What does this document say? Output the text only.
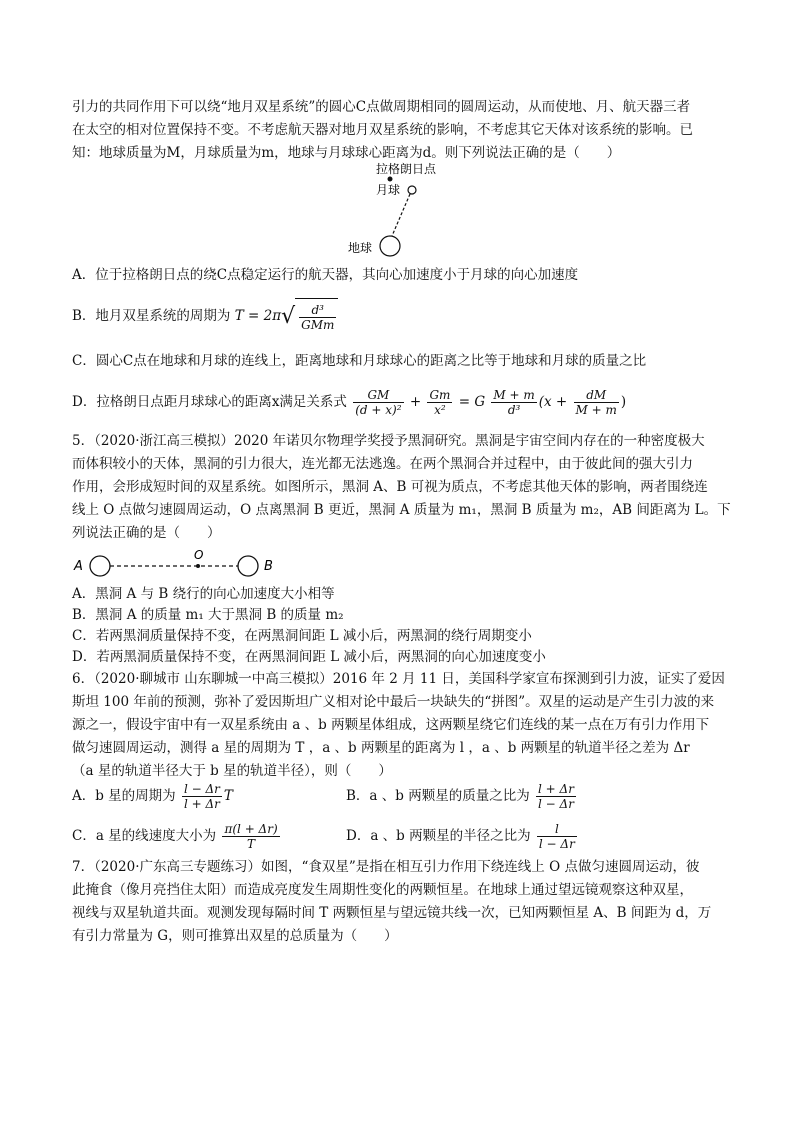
引力的共同作用下可以绕“地月双星系统”的圆心C点做周期相同的圆周运动，从而使地、月、航天器三者
在太空的相对位置保持不变。不考虑航天器对地月双星系统的影响，不考虑其它天体对该系统的影响。已
知：地球质量为M，月球质量为m，地球与月球球心距离为d。则下列说法正确的是（　　）
拉格朗日点
月球
地球
A．位于拉格朗日点的绕C点稳定运行的航天器，其向心加速度小于月球的向心加速度
B．地月双星系统的周期为 T = 2π √ $\frac{\text{d³}}{\text{GMm}}$
C．圆心C点在地球和月球的连线上，距离地球和月球球心的距离之比等于地球和月球的质量之比
D．拉格朗日点距月球球心的距离x满足关系式 $\frac{GM}{\text{(d + x)²}} + \frac{Gm}{\text{x²}} = G \frac{M + m}{\text{d³}} (x + \frac{dM}{M + m}$ )
5．（2020·浙江高三模拟）2020 年诺贝尔物理学奖授予黑洞研究。黑洞是宇宙空间内存在的一种密度极大
而体积较小的天体，黑洞的引力很大，连光都无法逃逸。在两个黑洞合并过程中，由于彼此间的强大引力
作用，会形成短时间的双星系统。如图所示，黑洞 A、B 可视为质点，不考虑其他天体的影响，两者围绕连
线上 O 点做匀速圆周运动，O 点离黑洞 B 更近，黑洞 A 质量为 m₁，黑洞 B 质量为 m₂，AB 间距离为 L。下
列说法正确的是（　　）
A
O
B
A．黑洞 A 与 B 绕行的向心加速度大小相等
B．黑洞 A 的质量 m₁ 大于黑洞 B 的质量 m₂
C．若两黑洞质量保持不变，在两黑洞间距 L 减小后，两黑洞的绕行周期变小
D．若两黑洞质量保持不变，在两黑洞间距 L 减小后，两黑洞的向心加速度变小
6．（2020·聊城市 山东聊城一中高三模拟）2016 年 2 月 11 日，美国科学家宣布探测到引力波，证实了爱因
斯坦 100 年前的预测，弥补了爱因斯坦广义相对论中最后一块缺失的“拼图”。双星的运动是产生引力波的来
源之一，假设宇宙中有一双星系统由 a 、b 两颗星体组成，这两颗星绕它们连线的某一点在万有引力作用下
做匀速圆周运动，测得 a 星的周期为 T ，a 、b 两颗星的距离为 l ，a 、b 两颗星的轨道半径之差为 Δr
（a 星的轨道半径大于 b 星的轨道半径），则（　　）
A．b 星的周期为 $\frac{l - \Delta r}{l + \Delta r}$ T	B．a 、b 两颗星的质量之比为 $\frac{l + \Delta r}{l - \Delta r}$
C．a 星的线速度大小为 $\frac{\pi(l + \Delta r)}{T}$	D．a 、b 两颗星的半径之比为 $\frac{l}{l - \Delta r}$
7．（2020·广东高三专题练习）如图，“食双星”是指在相互引力作用下绕连线上 O 点做匀速圆周运动，彼
此掩食（像月亮挡住太阳）而造成亮度发生周期性变化的两颗恒星。在地球上通过望远镜观察这种双星，
视线与双星轨道共面。观测发现每隔时间 T 两颗恒星与望远镜共线一次，已知两颗恒星 A、B 间距为 d，万
有引力常量为 G，则可推算出双星的总质量为（　　）
